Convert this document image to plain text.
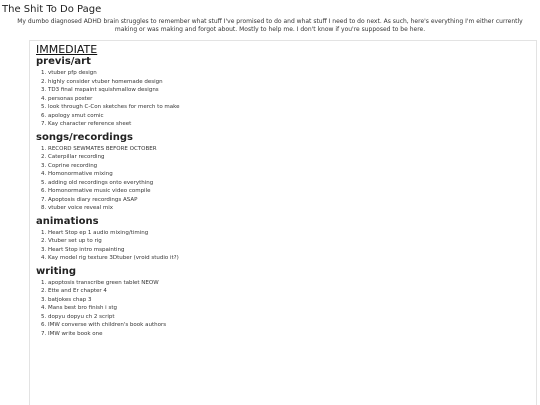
The Shit To Do Page

My dumbo diagnosed ADHD brain struggles to remember what stuff I've promised to do and what stuff I need to do next. As such, here's everything I'm either currently making or was making and forgot about. Mostly to help me. I don't know if you're supposed to be here.

IMMEDIATE
previs/art
1. vtuber pfp design
2. highly consider vtuber homemade design
3. TD3 final mspaint squishmallow designs
4. personas poster
5. look through C-Con sketches for merch to make
6. apology smut comic
7. Kay character reference sheet
songs/recordings
1. RECORD SEWMATES BEFORE OCTOBER
2. Caterpillar recording
3. Coprine recording
4. Homonormative mixing
5. adding old recordings onto everything
6. Homonormative music video compile
7. Apoptosis diary recordings ASAP
8. vtuber voice reveal mix
animations
1. Heart Stop ep 1 audio mixing/timing
2. Vtuber set up to rig
3. Heart Stop intro mspainting
4. Kay model rig texture 3Dtuber (vroid studio it?)
writing
1. apoptosis transcribe green tablet NEOW
2. Ette and Er chapter 4
3. batjokes chap 3
4. Mans best bro finish i stg
5. dopyu dopyu ch 2 script
6. IMW converse with children's book authors
7. IMW write book one
